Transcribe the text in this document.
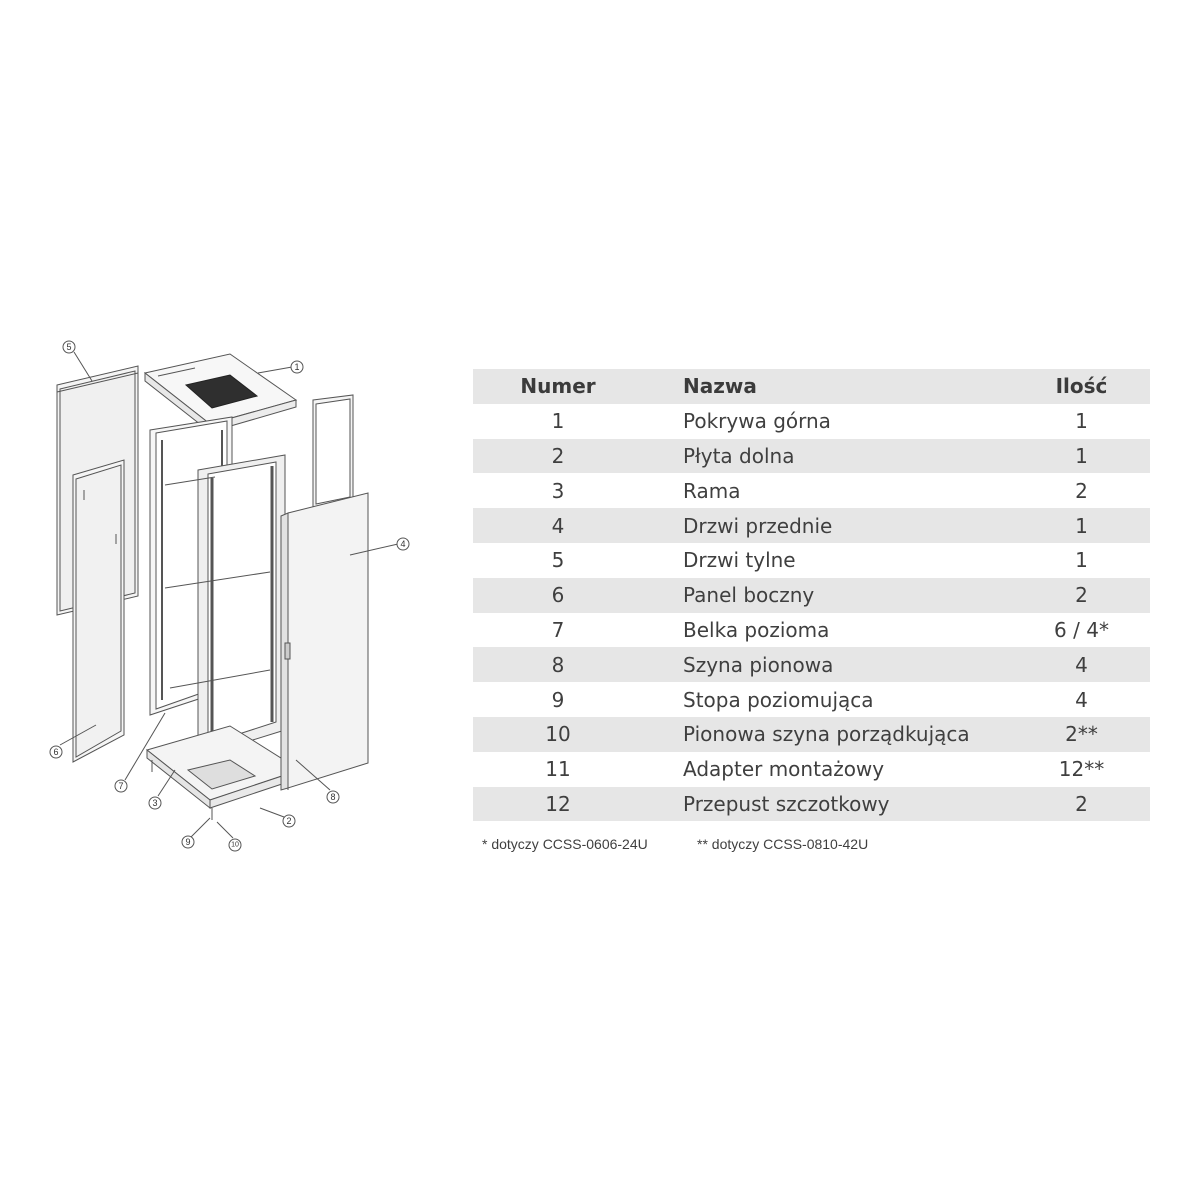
5
1
4
6
7
3
8
2
9	10
Numer	Nazwa	Ilość
1	Pokrywa górna	1
2	Płyta dolna	1
3	Rama	2
4	Drzwi przednie	1
5	Drzwi tylne	1
6	Panel boczny	2
7	Belka pozioma	6 / 4*
8	Szyna pionowa	4
9	Stopa poziomująca	4
10	Pionowa szyna porządkująca	2**
11	Adapter montażowy	12**
12	Przepust szczotkowy	2
* dotyczy CCSS-0606-24U	** dotyczy CCSS-0810-42U
